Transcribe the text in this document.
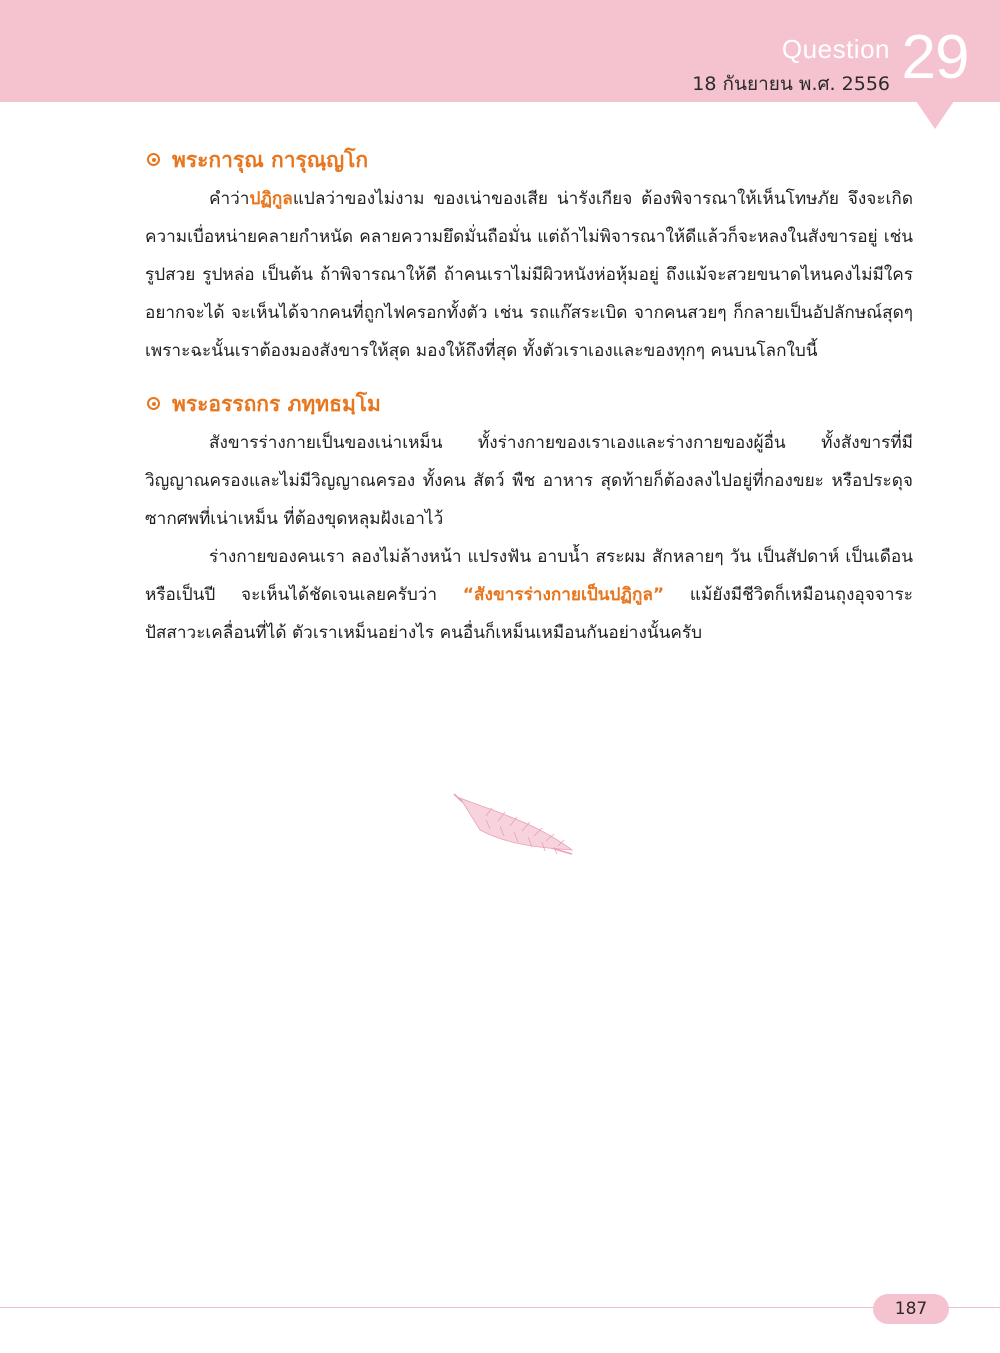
Question 29
18 กันยายน พ.ศ. 2556
พระการุณ การุณฺญโก

คำว่าปฏิกูลแปลว่าของไม่งาม ของเน่าของเสีย น่ารังเกียจ ต้องพิจารณาให้เห็นโทษภัย จึงจะเกิดความเบื่อหน่ายคลายกำหนัด คลายความยึดมั่นถือมั่น แต่ถ้าไม่พิจารณาให้ดีแล้วก็จะหลงในสังขารอยู่ เช่น รูปสวย รูปหล่อ เป็นต้น ถ้าพิจารณาให้ดี ถ้าคนเราไม่มีผิวหนังห่อหุ้มอยู่ ถึงแม้จะสวยขนาดไหนคงไม่มีใครอยากจะได้ จะเห็นได้จากคนที่ถูกไฟครอกทั้งตัว เช่น รถแก๊สระเบิด จากคนสวยๆ ก็กลายเป็นอัปลักษณ์สุดๆ เพราะฉะนั้นเราต้องมองสังขารให้สุด มองให้ถึงที่สุด ทั้งตัวเราเองและของทุกๆ คนบนโลกใบนี้

พระอรรถกร ภทฺทธมฺโม

สังขารร่างกายเป็นของเน่าเหม็น ทั้งร่างกายของเราเองและร่างกายของผู้อื่น ทั้งสังขารที่มีวิญญาณครองและไม่มีวิญญาณครอง ทั้งคน สัตว์ พืช อาหาร สุดท้ายก็ต้องลงไปอยู่ที่กองขยะ หรือประดุจซากศพที่เน่าเหม็น ที่ต้องขุดหลุมฝังเอาไว้

ร่างกายของคนเรา ลองไม่ล้างหน้า แปรงฟัน อาบน้ำ สระผม สักหลายๆ วัน เป็นสัปดาห์ เป็นเดือน หรือเป็นปี จะเห็นได้ชัดเจนเลยครับว่า “สังขารร่างกายเป็นปฏิกูล” แม้ยังมีชีวิตก็เหมือนถุงอุจจาระ ปัสสาวะเคลื่อนที่ได้ ตัวเราเหม็นอย่างไร คนอื่นก็เหม็นเหมือนกันอย่างนั้นครับ

187
